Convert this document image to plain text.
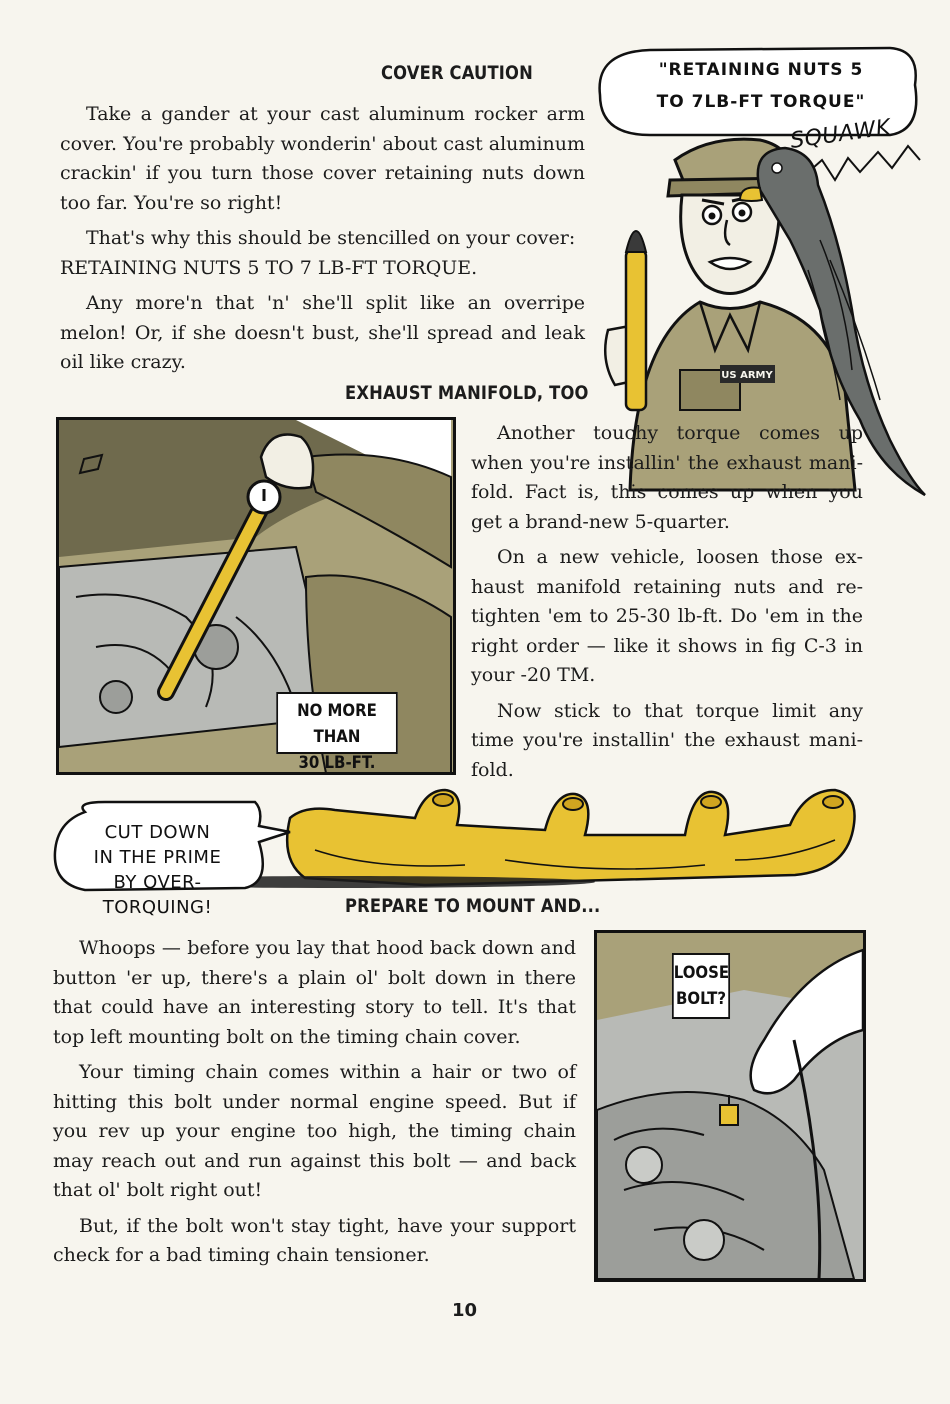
COVER CAUTION

Take a gander at your cast aluminum rocker arm cover. You're probably wonderin' about cast aluminum crackin' if you turn those cover retaining nuts down too far. You're so right!

That's why this should be stencilled on your cover:

RETAINING NUTS 5 TO 7 LB-FT TORQUE.

Any more'n that 'n' she'll split like an overripe melon! Or, if she doesn't bust, she'll spread and leak oil like crazy.

US ARMY
"RETAINING NUTS 5
TO 7LB-FT TORQUE"
SQUAWK
EXHAUST MANIFOLD, TOO
NO MORE THAN
30 LB-FT.

Another touchy torque comes up when you're installin' the exhaust manifold. Fact is, this comes up when you get a brand-new 5-quarter.

On a new vehicle, loosen those exhaust manifold retaining nuts and retighten 'em to 25-30 lb-ft. Do 'em in the right order — like it shows in fig C-3 in your -20 TM.

Now stick to that torque limit any time you're installin' the exhaust manifold.

CUT DOWN
IN THE PRIME
BY OVER-TORQUING!	PREPARE TO MOUNT AND...

Whoops — before you lay that hood back down and button 'er up, there's a plain ol' bolt down in there that could have an interesting story to tell. It's that top left mounting bolt on the timing chain cover.

Your timing chain comes within a hair or two of hitting this bolt under normal engine speed. But if you rev up your engine too high, the timing chain may reach out and run against this bolt — and back that ol' bolt right out!

But, if the bolt won't stay tight, have your support check for a bad timing chain tensioner.

LOOSE
BOLT?
10
